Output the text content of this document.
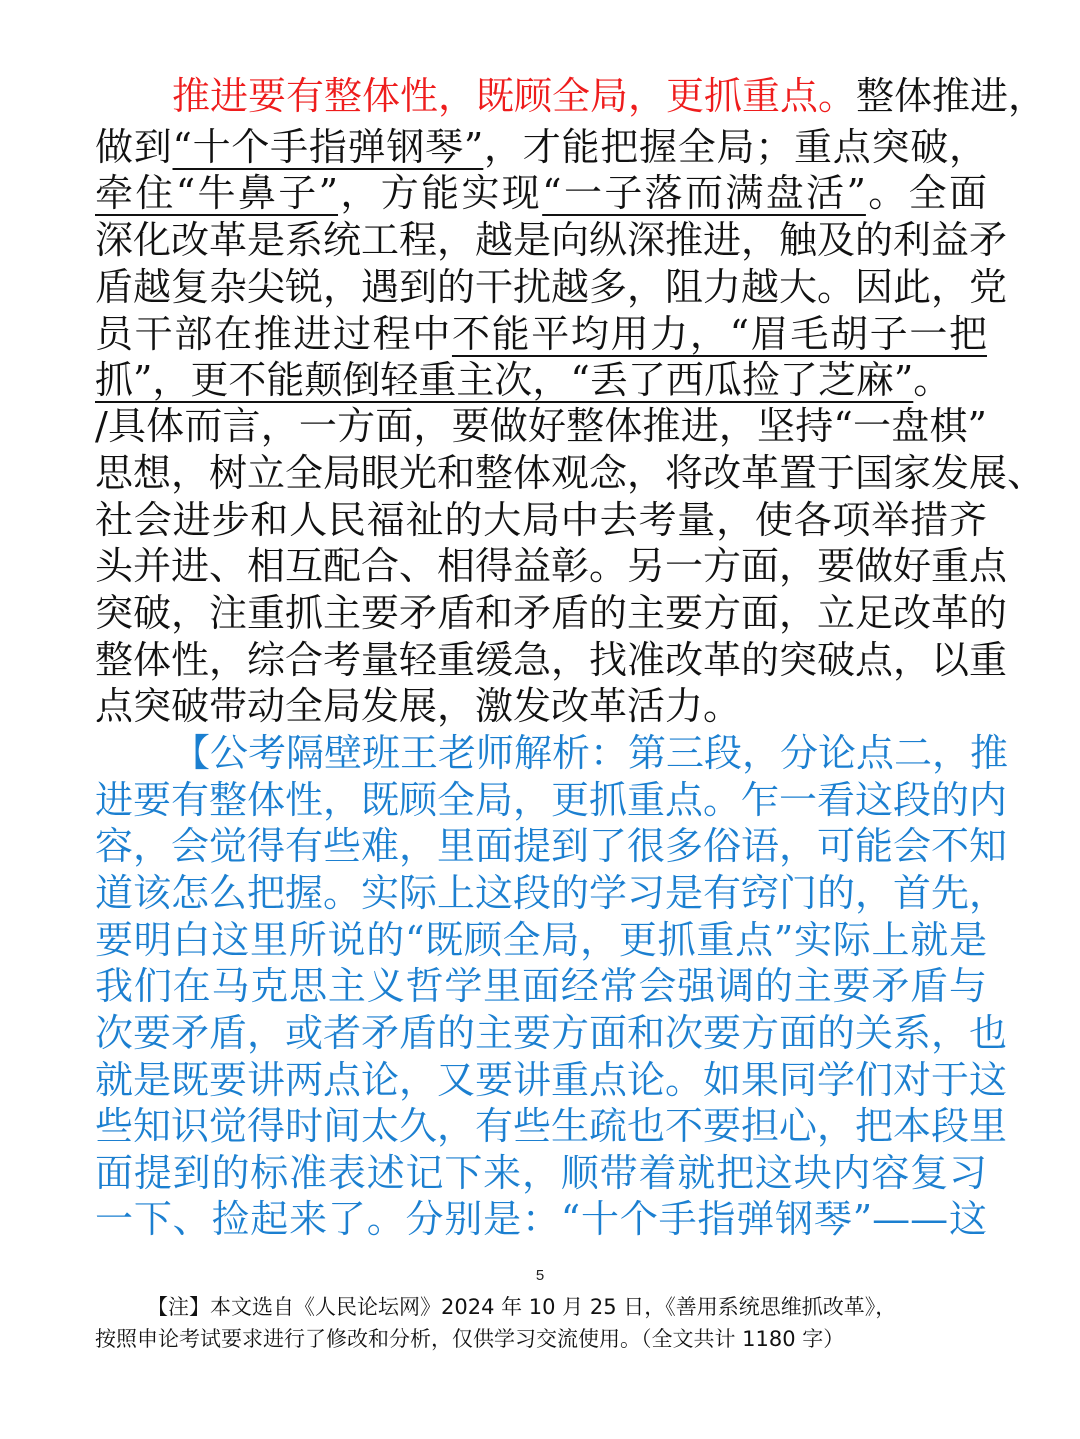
推进要有整体性，既顾全局，更抓重点。整体推进，
做到“十个手指弹钢琴”，才能把握全局；重点突破，
牵住“牛鼻子”，方能实现“一子落而满盘活”。全面
深化改革是系统工程，越是向纵深推进，触及的利益矛
盾越复杂尖锐，遇到的干扰越多，阻力越大。因此，党
员干部在推进过程中不能平均用力，“眉毛胡子一把
抓”，更不能颠倒轻重主次，“丢了西瓜捡了芝麻”。
/具体而言，一方面，要做好整体推进，坚持“一盘棋”
思想，树立全局眼光和整体观念，将改革置于国家发展、
社会进步和人民福祉的大局中去考量，使各项举措齐
头并进、相互配合、相得益彰。另一方面，要做好重点
突破，注重抓主要矛盾和矛盾的主要方面，立足改革的
整体性，综合考量轻重缓急，找准改革的突破点，以重
点突破带动全局发展，激发改革活力。
【公考隔壁班王老师解析：第三段，分论点二，推
进要有整体性，既顾全局，更抓重点。乍一看这段的内
容，会觉得有些难，里面提到了很多俗语，可能会不知
道该怎么把握。实际上这段的学习是有窍门的，首先，
要明白这里所说的“既顾全局，更抓重点”实际上就是
我们在马克思主义哲学里面经常会强调的主要矛盾与
次要矛盾，或者矛盾的主要方面和次要方面的关系，也
就是既要讲两点论，又要讲重点论。如果同学们对于这
些知识觉得时间太久，有些生疏也不要担心，把本段里
面提到的标准表述记下来，顺带着就把这块内容复习
一下、捡起来了。分别是：“十个手指弹钢琴”——这
5
【注】本文选自《人民论坛网》2024 年 10 月 25 日，《善用系统思维抓改革》，
按照申论考试要求进行了修改和分析，仅供学习交流使用。（全文共计 1180 字）
